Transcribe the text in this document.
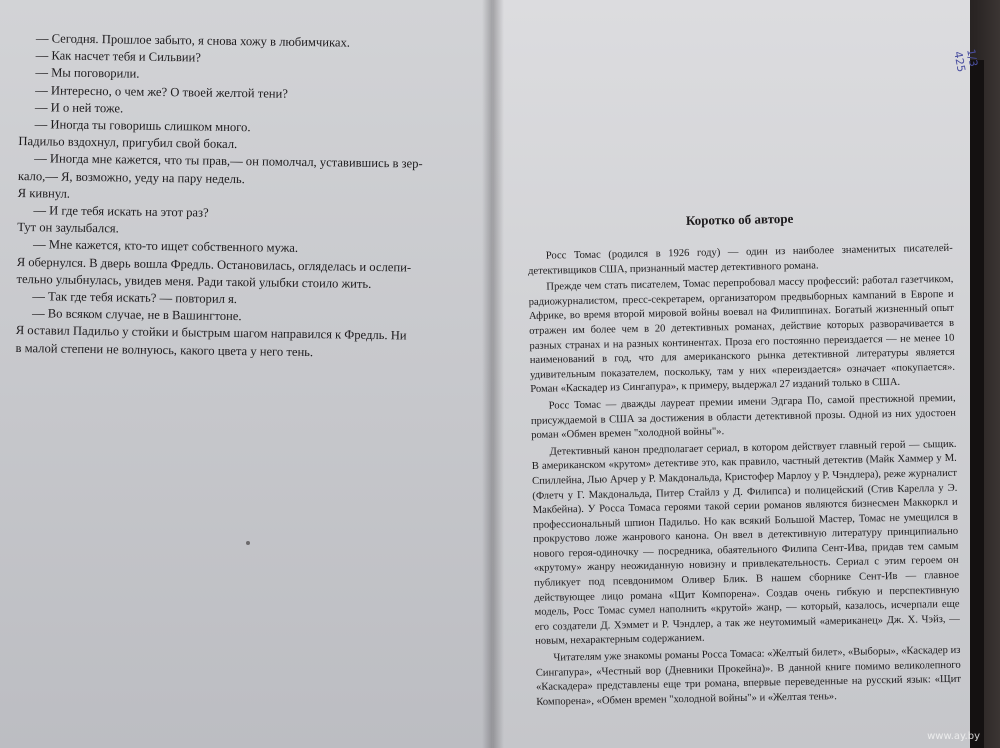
— Сегодня. Прошлое забыто, я снова хожу в любимчиках.
— Как насчет тебя и Сильвии?
— Мы поговорили.
— Интересно, о чем же? О твоей желтой тени?
— И о ней тоже.
— Иногда ты говоришь слишком много.
Падильо вздохнул, пригубил свой бокал.
— Иногда мне кажется, что ты прав,— он помолчал, уставившись в зер-
кало,— Я, возможно, уеду на пару недель.
Я кивнул.
— И где тебя искать на этот раз?
Тут он заулыбался.
— Мне кажется, кто-то ищет собственного мужа.
Я обернулся. В дверь вошла Фредль. Остановилась, огляделась и ослепи-
тельно улыбнулась, увидев меня. Ради такой улыбки стоило жить.
— Так где тебя искать? — повторил я.
— Во всяком случае, не в Вашингтоне.
Я оставил Падильо у стойки и быстрым шагом направился к Фредль. Ни
в малой степени не волнуюсь, какого цвета у него тень.
Коротко об авторе

Росс Томас (родился в 1926 году) — один из наиболее знаменитых писателей-детективщиков США, признанный мастер детективного романа.

Прежде чем стать писателем, Томас перепробовал массу профессий: работал газетчиком, радиожурналистом, пресс-секретарем, организатором предвыборных кампаний в Европе и Африке, во время второй мировой войны воевал на Филиппинах. Богатый жизненный опыт отражен им более чем в 20 детективных романах, действие которых разворачивается в разных странах и на разных континентах. Проза его постоянно переиздается — не менее 10 наименований в год, что для американского рынка детективной литературы является удивительным показателем, поскольку, там у них «переиздается» означает «покупается». Роман «Каскадер из Сингапура», к примеру, выдержал 27 изданий только в США.

Росс Томас — дважды лауреат премии имени Эдгара По, самой престижной премии, присуждаемой в США за достижения в области детективной прозы. Одной из них удостоен роман «Обмен времен "холодной войны"».

Детективный канон предполагает сериал, в котором действует главный герой — сыщик. В американском «крутом» детективе это, как правило, частный детектив (Майк Хаммер у М. Спиллейна, Лью Арчер у Р. Макдональда, Кристофер Марлоу у Р. Чэндлера), реже журналист (Флетч у Г. Макдональда, Питер Стайлз у Д. Филипса) и полицейский (Стив Карелла у Э. Макбейна). У Росса Томаса героями такой серии романов являются бизнесмен Маккоркл и профессиональный шпион Падильо. Но как всякий Большой Мастер, Томас не умещился в прокрустово ложе жанрового канона. Он ввел в детективную литературу принципиально нового героя-одиночку — посредника, обаятельного Филипа Сент-Ива, придав тем самым «крутому» жанру неожиданную новизну и привлекательность. Сериал с этим героем он публикует под псевдонимом Оливер Блик. В нашем сборнике Сент-Ив — главное действующее лицо романа «Щит Компорена». Создав очень гибкую и перспективную модель, Росс Томас сумел наполнить «крутой» жанр, — который, казалось, исчерпали еще его создатели Д. Хэммет и Р. Чэндлер, а так же неутомимый «американец» Дж. Х. Чэйз, — новым, нехарактерным содержанием.

Читателям уже знакомы романы Росса Томаса: «Желтый билет», «Выборы», «Каскадер из Сингапура», «Честный вор (Дневники Прокейна)». В данной книге помимо великолепного «Каскадера» представлены еще три романа, впервые переведенные на русский язык: «Щит Компорена», «Обмен времен "холодной войны"» и «Желтая тень».

1/3 425
www.ay.by
